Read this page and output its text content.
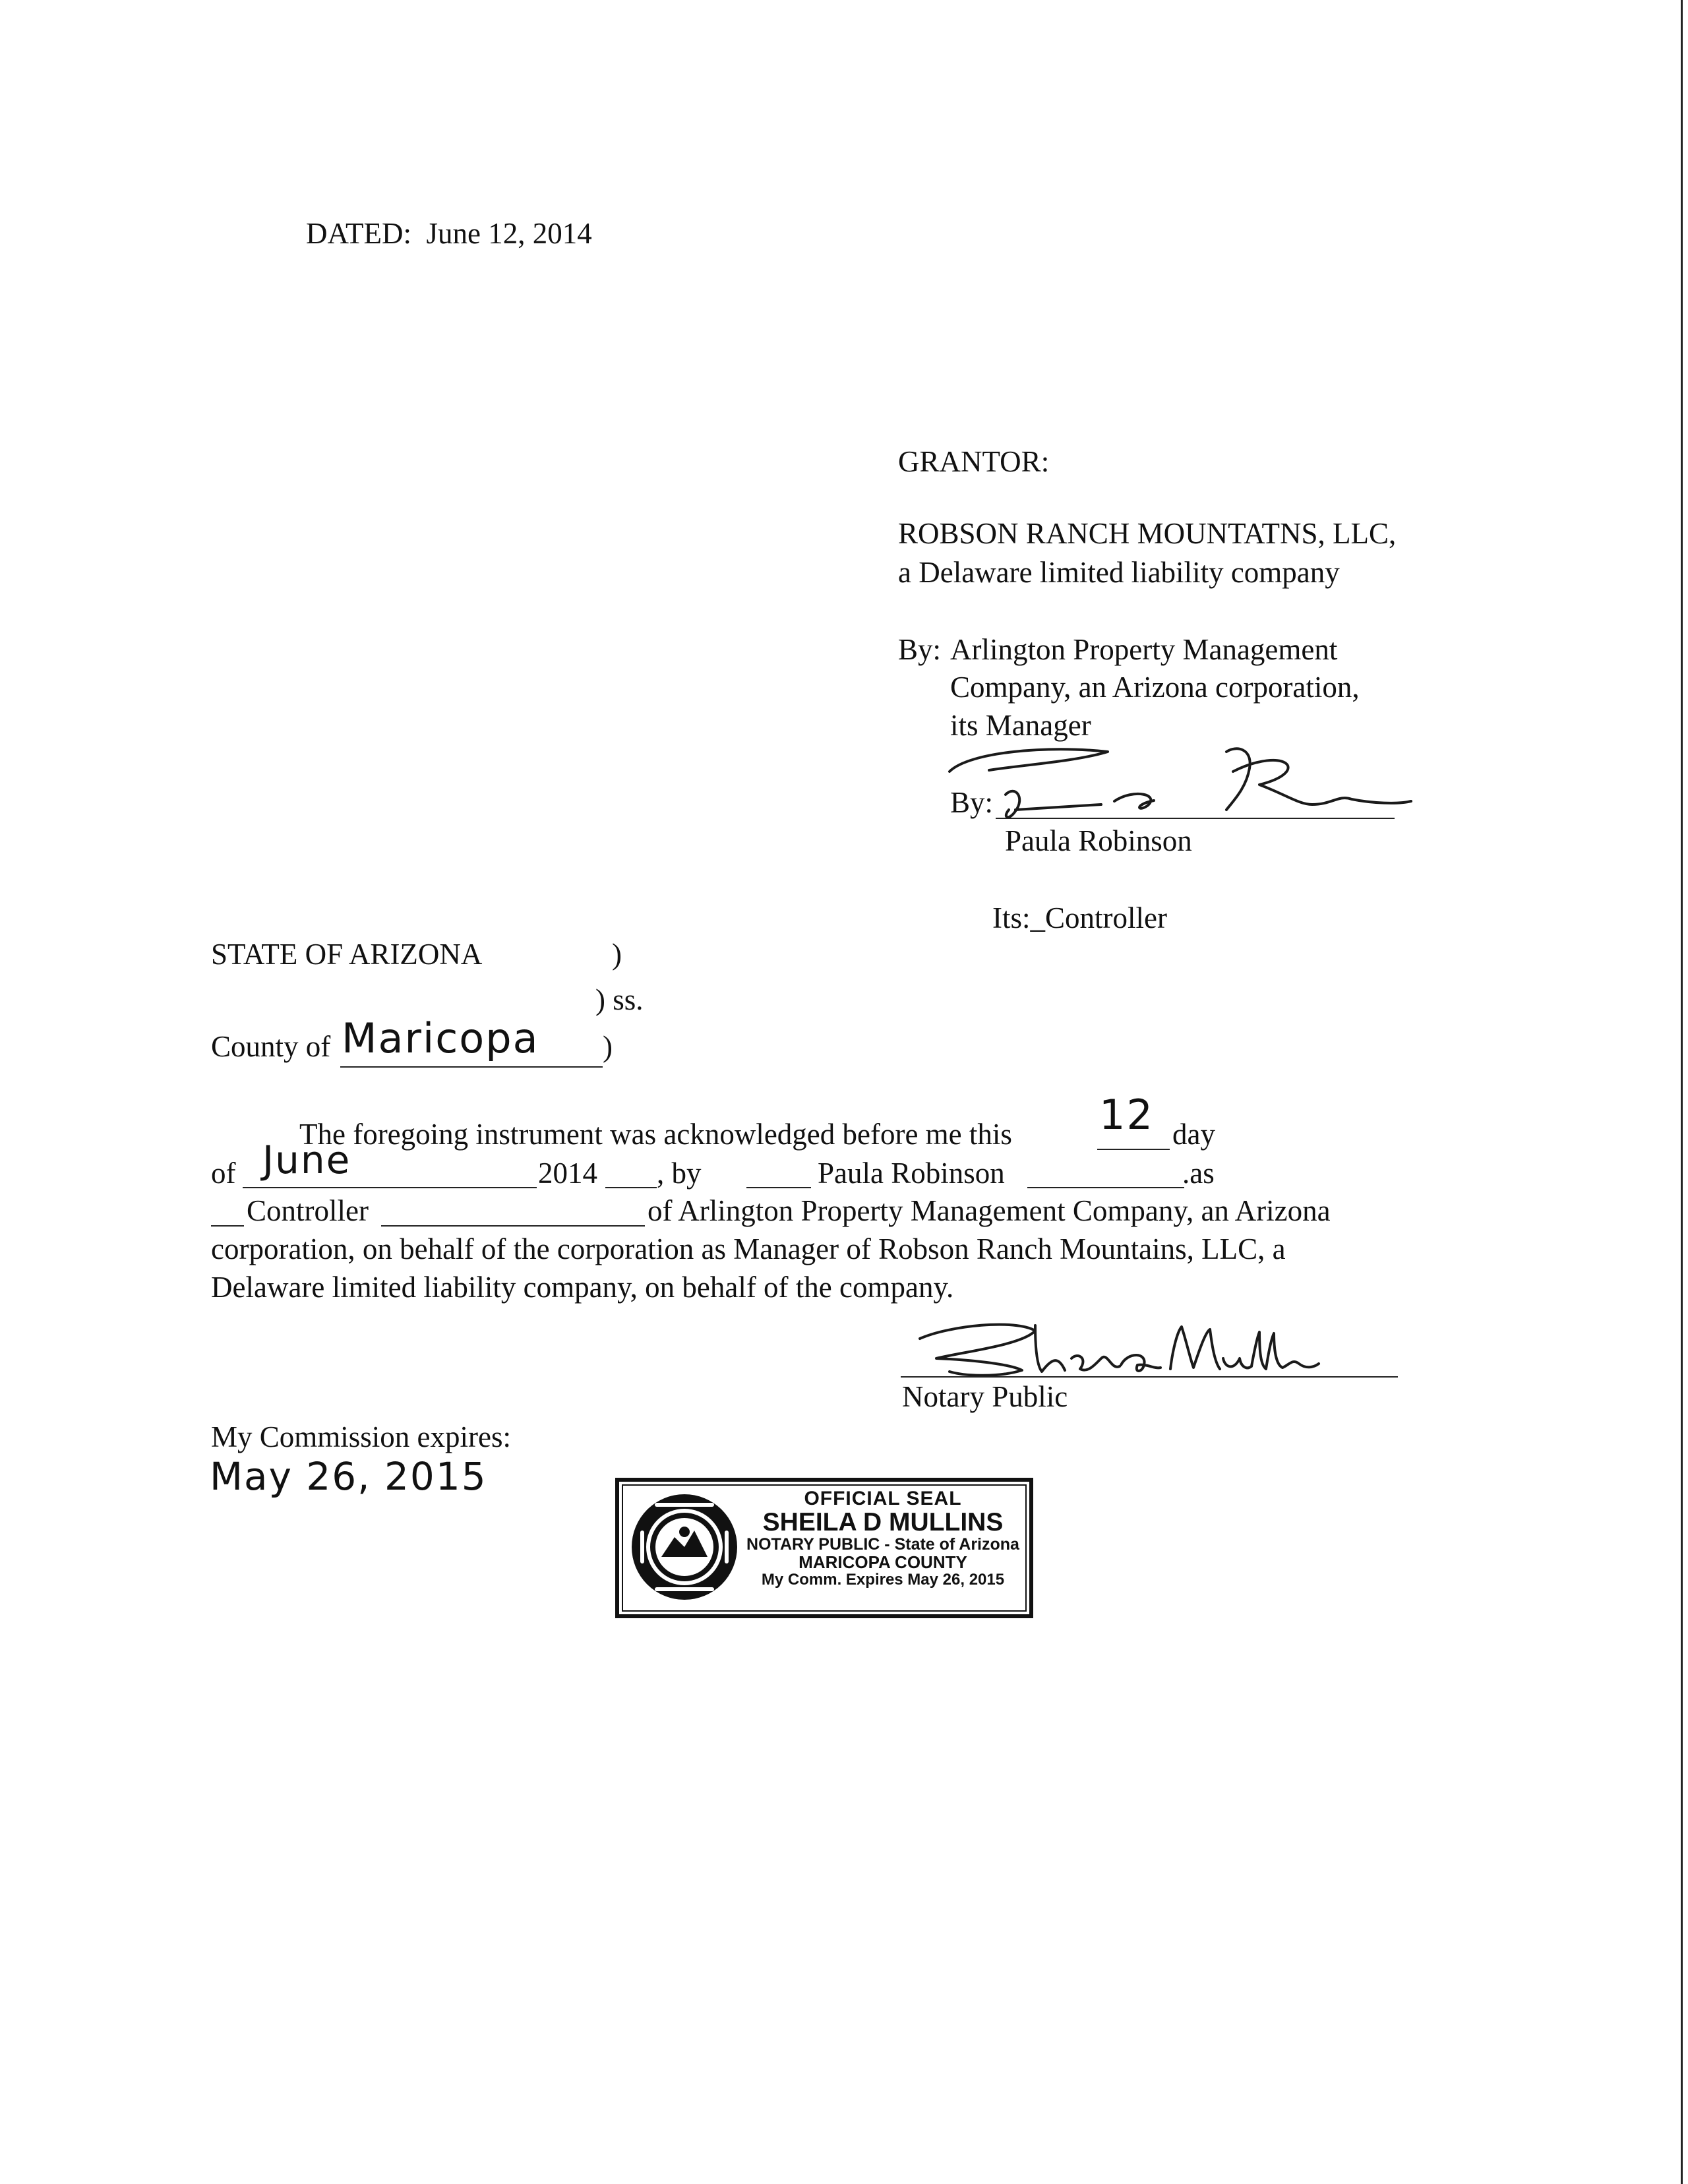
DATED: June 12, 2014
GRANTOR:
ROBSON RANCH MOUNTATNS, LLC,
a Delaware limited liability company
By: Arlington Property Management
Company, an Arizona corporation,
its Manager
By:
Paula Robinson
Its:_Controller
STATE OF ARIZONA	)
) ss.
County of Maricopa )
The foregoing instrument was acknowledged before me this 12 day
of June	2014 , by	Paula Robinson	.as
Controller	of Arlington Property Management Company, an Arizona
corporation, on behalf of the corporation as Manager of Robson Ranch Mountains, LLC, a
Delaware limited liability company, on behalf of the company.
Notary Public
My Commission expires:
May 26, 2015	OFFICIAL SEAL
SHEILA D MULLINS
NOTARY PUBLIC - State of Arizona
MARICOPA COUNTY
My Comm. Expires May 26, 2015
